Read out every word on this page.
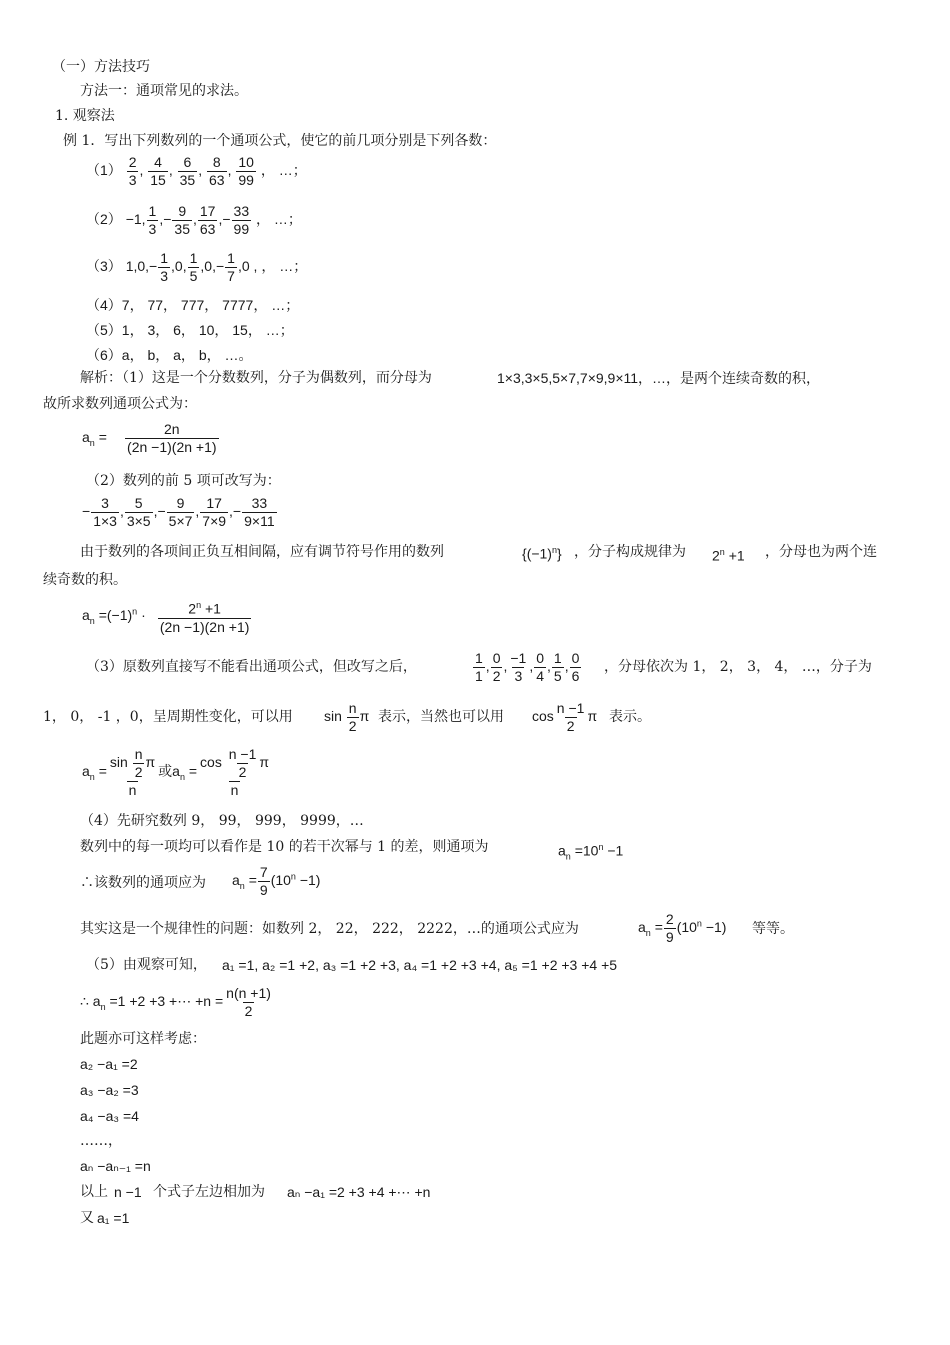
（一）方法技巧
方法一：通项常见的求法。
1. 观察法
例 1．写出下列数列的一个通项公式，使它的前几项分别是下列各数：
$(1) \frac{2}{3}$ , $\frac{4}{15}$ , $\frac{6}{35}$ , $\frac{8}{63}$ , $\frac{10}{99}$ ， …；
（2） −1, $\frac{1}{3}$ ,− $\frac{9}{35}$ , $\frac{17}{63}$ ,− $\frac{33}{99}$ ， …；
（3） $1,0,- \frac{1}{3} ,0$, $\frac{1}{5} ,0,- \frac{1}{7} ,0$ , ， …；
（4）7， 77， 777， 7777， …；
（5）1， 3， 6， 10， 15， …；
（6）a， b， a， b， …。
解析：（1）这是一个分数数列，分子为偶数列，而分母为	1×3,3×5,5×7,7×9,9×11，…，是两个连续奇数的积，
故所求数列通项公式为：
$a_n = \frac{2n}{(2n -1)(2n +1)}$
（2）数列的前 5 项可改写为：
− $\frac{3}{1\times 3}$ , $\frac{5}{3\times 5}$ ,− $\frac{9}{5\times 7}$ , $\frac{17}{7\times 9}$ ,− $\frac{33}{9\times 11}$
由于数列的各项间正负互相间隔，应有调节符号作用的数列	$\{(-1)^n\}$ ，分子构成规律为 $2^n +1$ ，分母也为两个连
续奇数的积。
$a_n =(-1)^n \cdot \frac{2^n +1}{(2n -1)(2n +1)}$
（3）原数列直接写不能看出通项公式，但改写之后，	$\frac{1}{1}$ , $\frac{0}{2}$ , $\frac{-1}{3}$ , $\frac{0}{4}$ , $\frac{1}{5}$ , $\frac{0}{6}$ ，分母依次为 1， 2， 3， 4， …，分子为
1， 0， -1 ，0，呈周期性变化，可以用 $\sin \frac{n}{2}$ π 表示，当然也可以用 $\cos \frac{n -1}{2}$ π 表示。
$a_n = \frac{\sin \frac{n}{2} \pi}{n}$ 或$a_n = \frac{\cos \frac{n -1}{2} \pi}{n}$
（4）先研究数列 9， 99， 999， 9999，…
数列中的每一项均可以看作是 10 的若干次幂与 1 的差，则通项为	$a_n =10^n -1$
∴该数列的通项应为 $a_n = \frac{7}{9} (10^n -1)$
其实这是一个规律性的问题：如数列 2， 22， 222， 2222，…的通项公式应为	$a_n = \frac{2}{9} (10^n -1)$ 等等。
（5）由观察可知， a₁ =1, a₂ =1 +2, a₃ =1 +2 +3, a₄ =1 +2 +3 +4, a₅ =1 +2 +3 +4 +5
∴ $a_n =1 +2 +3$ +⋯ $+n = \frac{n(n +1)}{2}$
此题亦可这样考虑：
a₂ −a₁ =2
a₃ −a₂ =3
a₄ −a₃ =4
……，
aₙ −aₙ₋₁ =n
以上 n −1 个式子左边相加为 aₙ −a₁ =2 +3 +4 +⋯ +n
又 a₁ =1
